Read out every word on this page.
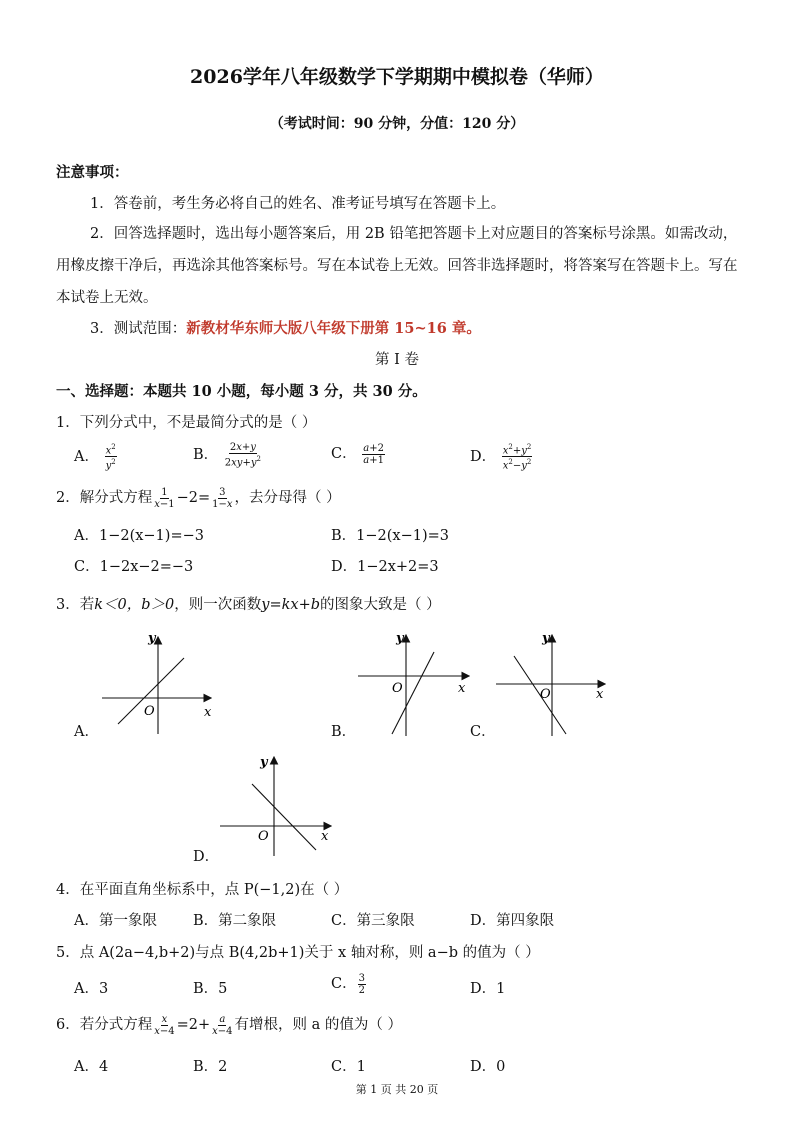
2026学年八年级数学下学期期中模拟卷（华师）
（考试时间：90 分钟，分值：120 分）
注意事项：
1．答卷前，考生务必将自己的姓名、准考证号填写在答题卡上。
2．回答选择题时，选出每小题答案后，用 2B 铅笔把答题卡上对应题目的答案标号涂黑。如需改动，用橡皮擦干净后，再选涂其他答案标号。写在本试卷上无效。回答非选择题时，将答案写在答题卡上。写在本试卷上无效。
3．测试范围：新教材华东师大版八年级下册第 15~16 章。
第 I 卷
一、选择题：本题共 10 小题，每小题 3 分，共 30 分。
1．下列分式中，不是最简分式的是（ ）
A． $\frac{x^2}{y^2}$	B． $\frac{2x+y}{2xy+y^2}$	C． $\frac{a+2}{a+1}$	D． $\frac{x^2+y^2}{x^2-y^2}$
2．解分式方程 $\frac{1}{x-1} -2= \frac{3}{1-x}$ ，去分母得（ ）
A．1−2(x−1)=−3	B．1−2(x−1)=3
C．1−2x−2=−3	D．1−2x+2=3
3．若k＜0，b＞0，则一次函数y=kx+b的图象大致是（ ）
A．
y
x
O
B．
y
x
O
C．
y
x
O
D．
y
x
O
4．在平面直角坐标系中，点 P(−1,2)在（ ）
A．第一象限 B．第二象限	C．第三象限	D．第四象限
5．点 A(2a−4,b+2)与点 B(4,2b+1)关于 x 轴对称，则 a−b 的值为（ ）
A．3	B．5	C． $\frac{3}{2}$	D．1
6．若分式方程 $\frac{x}{x-4} =2+ \frac{a}{x-4}$ 有增根，则 a 的值为（ ）
A．4	B．2	C．1	D．0
第 1 页 共 20 页
